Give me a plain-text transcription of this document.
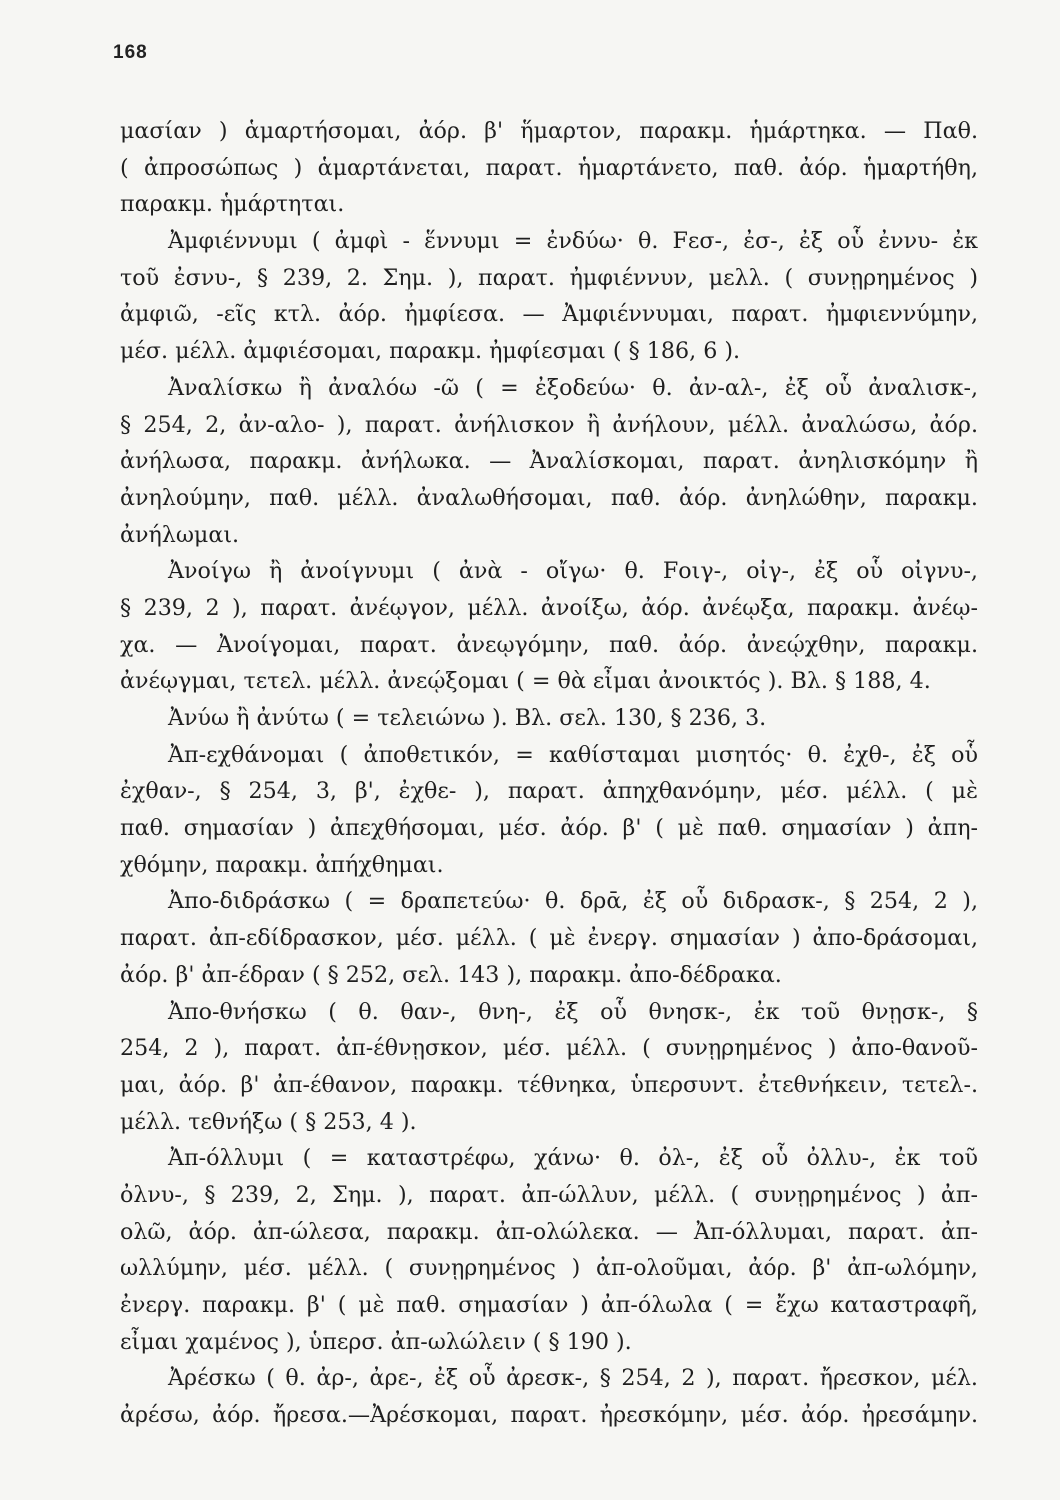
168
μασίαν ) ἁμαρτήσομαι, ἀόρ. β' ἥμαρτον, παρακμ. ἡμάρτηκα. — Παθ.
( ἀπροσώπως ) ἁμαρτάνεται, παρατ. ἡμαρτάνετο, παθ. ἀόρ. ἡμαρτήθη,
παρακμ. ἡμάρτηται.
Ἀμφιέννυμι ( ἀμφὶ - ἕννυμι = ἐνδύω· θ. Fεσ-, ἐσ-, ἐξ οὗ ἐννυ- ἐκ
τοῦ ἐσνυ-, § 239, 2. Σημ. ), παρατ. ἠμφιέννυν, μελλ. ( συνῃρημένος )
ἀμφιῶ, -εῖς κτλ. ἀόρ. ἠμφίεσα. — Ἀμφιέννυμαι, παρατ. ἠμφιεννύμην,
μέσ. μέλλ. ἀμφιέσομαι, παρακμ. ἠμφίεσμαι ( § 186, 6 ).
Ἀναλίσκω ἢ ἀναλόω -ῶ ( = ἐξοδεύω· θ. ἀν-αλ-, ἐξ οὗ ἀναλισκ-,
§ 254, 2, ἀν-αλο- ), παρατ. ἀνήλισκον ἢ ἀνήλουν, μέλλ. ἀναλώσω, ἀόρ.
ἀνήλωσα, παρακμ. ἀνήλωκα. — Ἀναλίσκομαι, παρατ. ἀνηλισκόμην ἢ
ἀνηλούμην, παθ. μέλλ. ἀναλωθήσομαι, παθ. ἀόρ. ἀνηλώθην, παρακμ.
ἀνήλωμαι.
Ἀνοίγω ἢ ἀνοίγνυμι ( ἀνὰ - οἴγω· θ. Fοιγ-, οἰγ-, ἐξ οὗ οἰγνυ-,
§ 239, 2 ), παρατ. ἀνέῳγον, μέλλ. ἀνοίξω, ἀόρ. ἀνέῳξα, παρακμ. ἀνέῳ-
χα. — Ἀνοίγομαι, παρατ. ἀνεῳγόμην, παθ. ἀόρ. ἀνεῴχθην, παρακμ.
ἀνέῳγμαι, τετελ. μέλλ. ἀνεῴξομαι ( = θὰ εἶμαι ἀνοικτός ). Βλ. § 188, 4.
Ἀνύω ἢ ἀνύτω ( = τελειώνω ). Βλ. σελ. 130, § 236, 3.
Ἀπ-εχθάνομαι ( ἀποθετικόν, = καθίσταμαι μισητός· θ. ἐχθ-, ἐξ οὗ
ἐχθαν-, § 254, 3, β', ἐχθε- ), παρατ. ἀπηχθανόμην, μέσ. μέλλ. ( μὲ
παθ. σημασίαν ) ἀπεχθήσομαι, μέσ. ἀόρ. β' ( μὲ παθ. σημασίαν ) ἀπη-
χθόμην, παρακμ. ἀπήχθημαι.
Ἀπο-διδράσκω ( = δραπετεύω· θ. δρᾱ, ἐξ οὗ διδρασκ-, § 254, 2 ),
παρατ. ἀπ-εδίδρασκον, μέσ. μέλλ. ( μὲ ἐνεργ. σημασίαν ) ἀπο-δράσομαι,
ἀόρ. β' ἀπ-έδραν ( § 252, σελ. 143 ), παρακμ. ἀπο-δέδρακα.
Ἀπο-θνήσκω ( θ. θαν-, θνη-, ἐξ οὗ θνησκ-, ἐκ τοῦ θνῃσκ-, §
254, 2 ), παρατ. ἀπ-έθνῃσκον, μέσ. μέλλ. ( συνῃρημένος ) ἀπο-θανοῦ-
μαι, ἀόρ. β' ἀπ-έθανον, παρακμ. τέθνηκα, ὑπερσυντ. ἐτεθνήκειν, τετελ-.
μέλλ. τεθνήξω ( § 253, 4 ).
Ἀπ-όλλυμι ( = καταστρέφω, χάνω· θ. ὀλ-, ἐξ οὗ ὀλλυ-, ἐκ τοῦ
ὀλνυ-, § 239, 2, Σημ. ), παρατ. ἀπ-ώλλυν, μέλλ. ( συνῃρημένος ) ἀπ-
ολῶ, ἀόρ. ἀπ-ώλεσα, παρακμ. ἀπ-ολώλεκα. — Ἀπ-όλλυμαι, παρατ. ἀπ-
ωλλύμην, μέσ. μέλλ. ( συνῃρημένος ) ἀπ-ολοῦμαι, ἀόρ. β' ἀπ-ωλόμην,
ἐνεργ. παρακμ. β' ( μὲ παθ. σημασίαν ) ἀπ-όλωλα ( = ἔχω καταστραφῆ,
εἶμαι χαμένος ), ὑπερσ. ἀπ-ωλώλειν ( § 190 ).
Ἀρέσκω ( θ. ἀρ-, ἀρε-, ἐξ οὗ ἀρεσκ-, § 254, 2 ), παρατ. ἤρεσκον, μέλ.
ἀρέσω, ἀόρ. ἤρεσα.—Ἀρέσκομαι, παρατ. ἠρεσκόμην, μέσ. ἀόρ. ἠρεσάμην.
